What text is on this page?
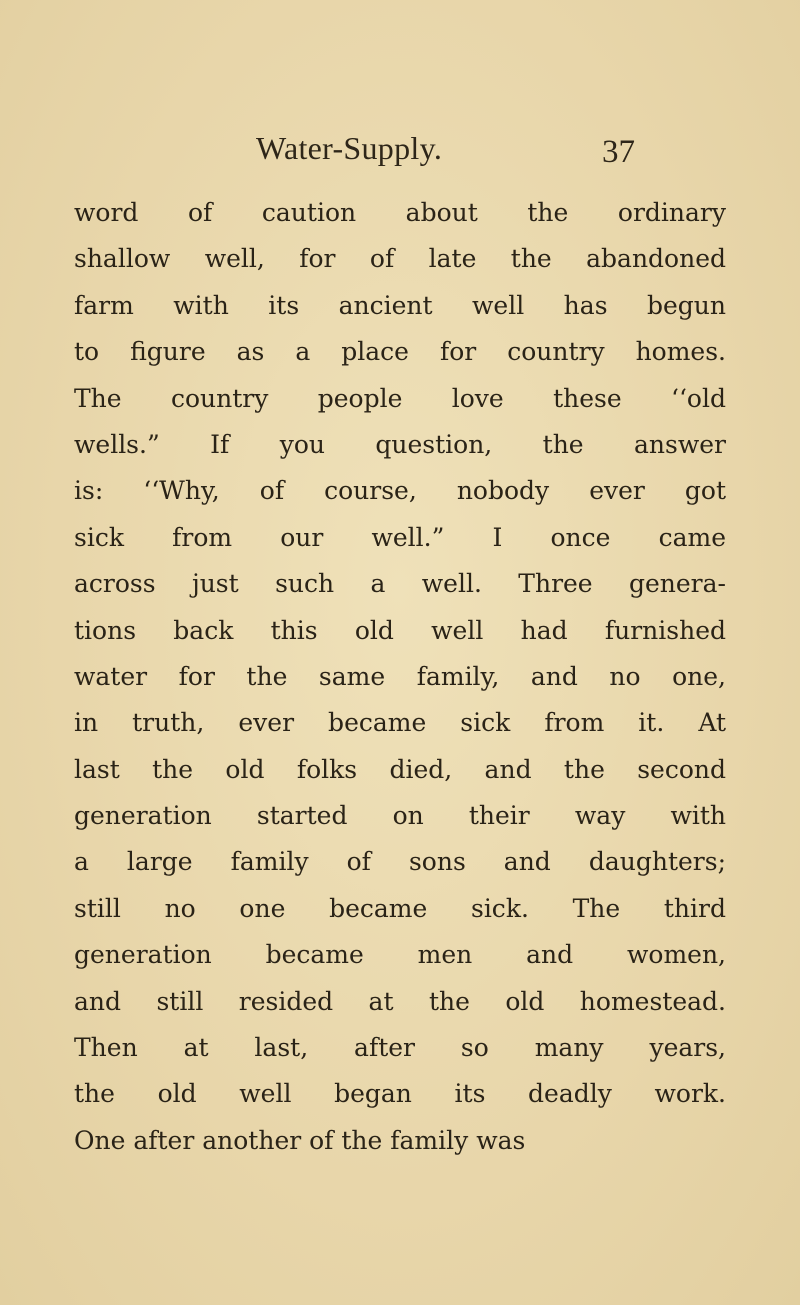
Water-Supply.	37
word of caution about the ordinary
shallow well, for of late the abandoned
farm with its ancient well has begun
to figure as a place for country homes.
The country people love these ‘‘old
wells.” If you question, the answer
is: ‘‘Why, of course, nobody ever got
sick from our well.” I once came
across just such a well. Three genera-
tions back this old well had furnished
water for the same family, and no one,
in truth, ever became sick from it. At
last the old folks died, and the second
generation started on their way with
a large family of sons and daughters;
still no one became sick. The third
generation became men and women,
and still resided at the old homestead.
Then at last, after so many years,
the old well began its deadly work.
One after another of the family was
